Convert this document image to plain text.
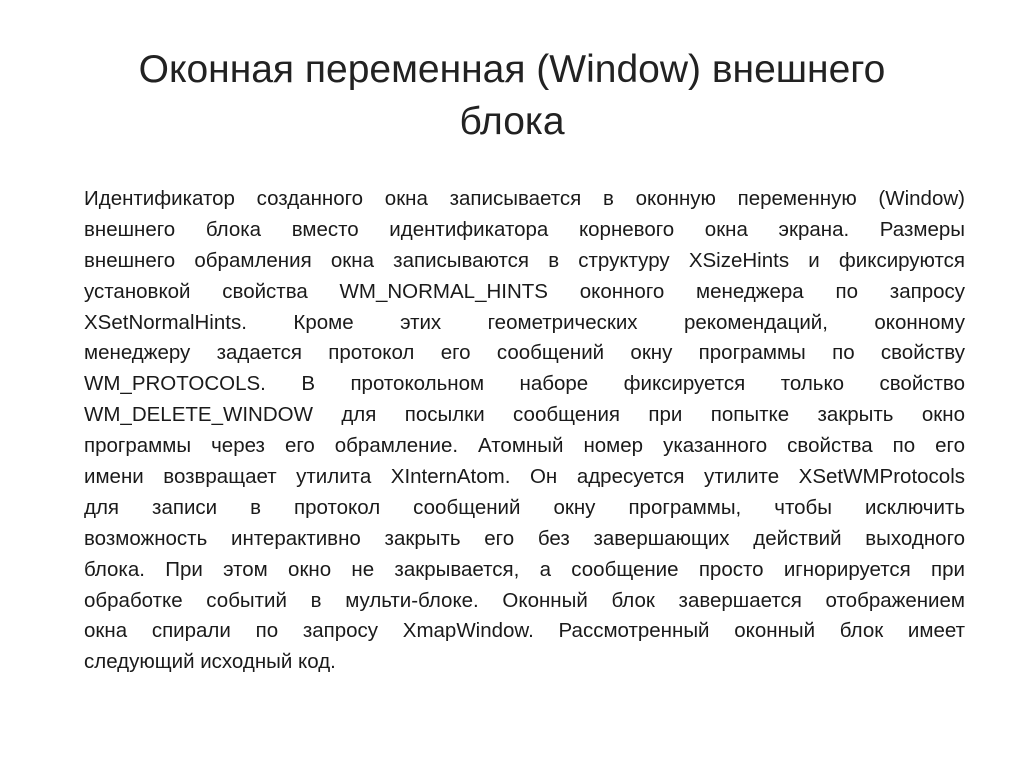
Оконная переменная (Window) внешнего
блока
Идентификатор созданного окна записывается в оконную переменную (Window)
внешнего блока вместо идентификатора корневого окна экрана. Размеры
внешнего обрамления окна записываются в структуру XSizeHints и фиксируются
установкой свойства WM_NORMAL_HINTS оконного менеджера по запросу
XSetNormalHints. Кроме этих геометрических рекомендаций, оконному
менеджеру задается протокол его сообщений окну программы по свойству
WM_PROTOCOLS. В протокольном наборе фиксируется только свойство
WM_DELETE_WINDOW для посылки сообщения при попытке закрыть окно
программы через его обрамление. Атомный номер указанного свойства по его
имени возвращает утилита XInternAtom. Он адресуется утилите XSetWMProtocols
для записи в протокол сообщений окну программы, чтобы исключить
возможность интерактивно закрыть его без завершающих действий выходного
блока. При этом окно не закрывается, а сообщение просто игнорируется при
обработке событий в мульти-блоке. Оконный блок завершается отображением
окна спирали по запросу XmapWindow. Рассмотренный оконный блок имеет
следующий исходный код.
